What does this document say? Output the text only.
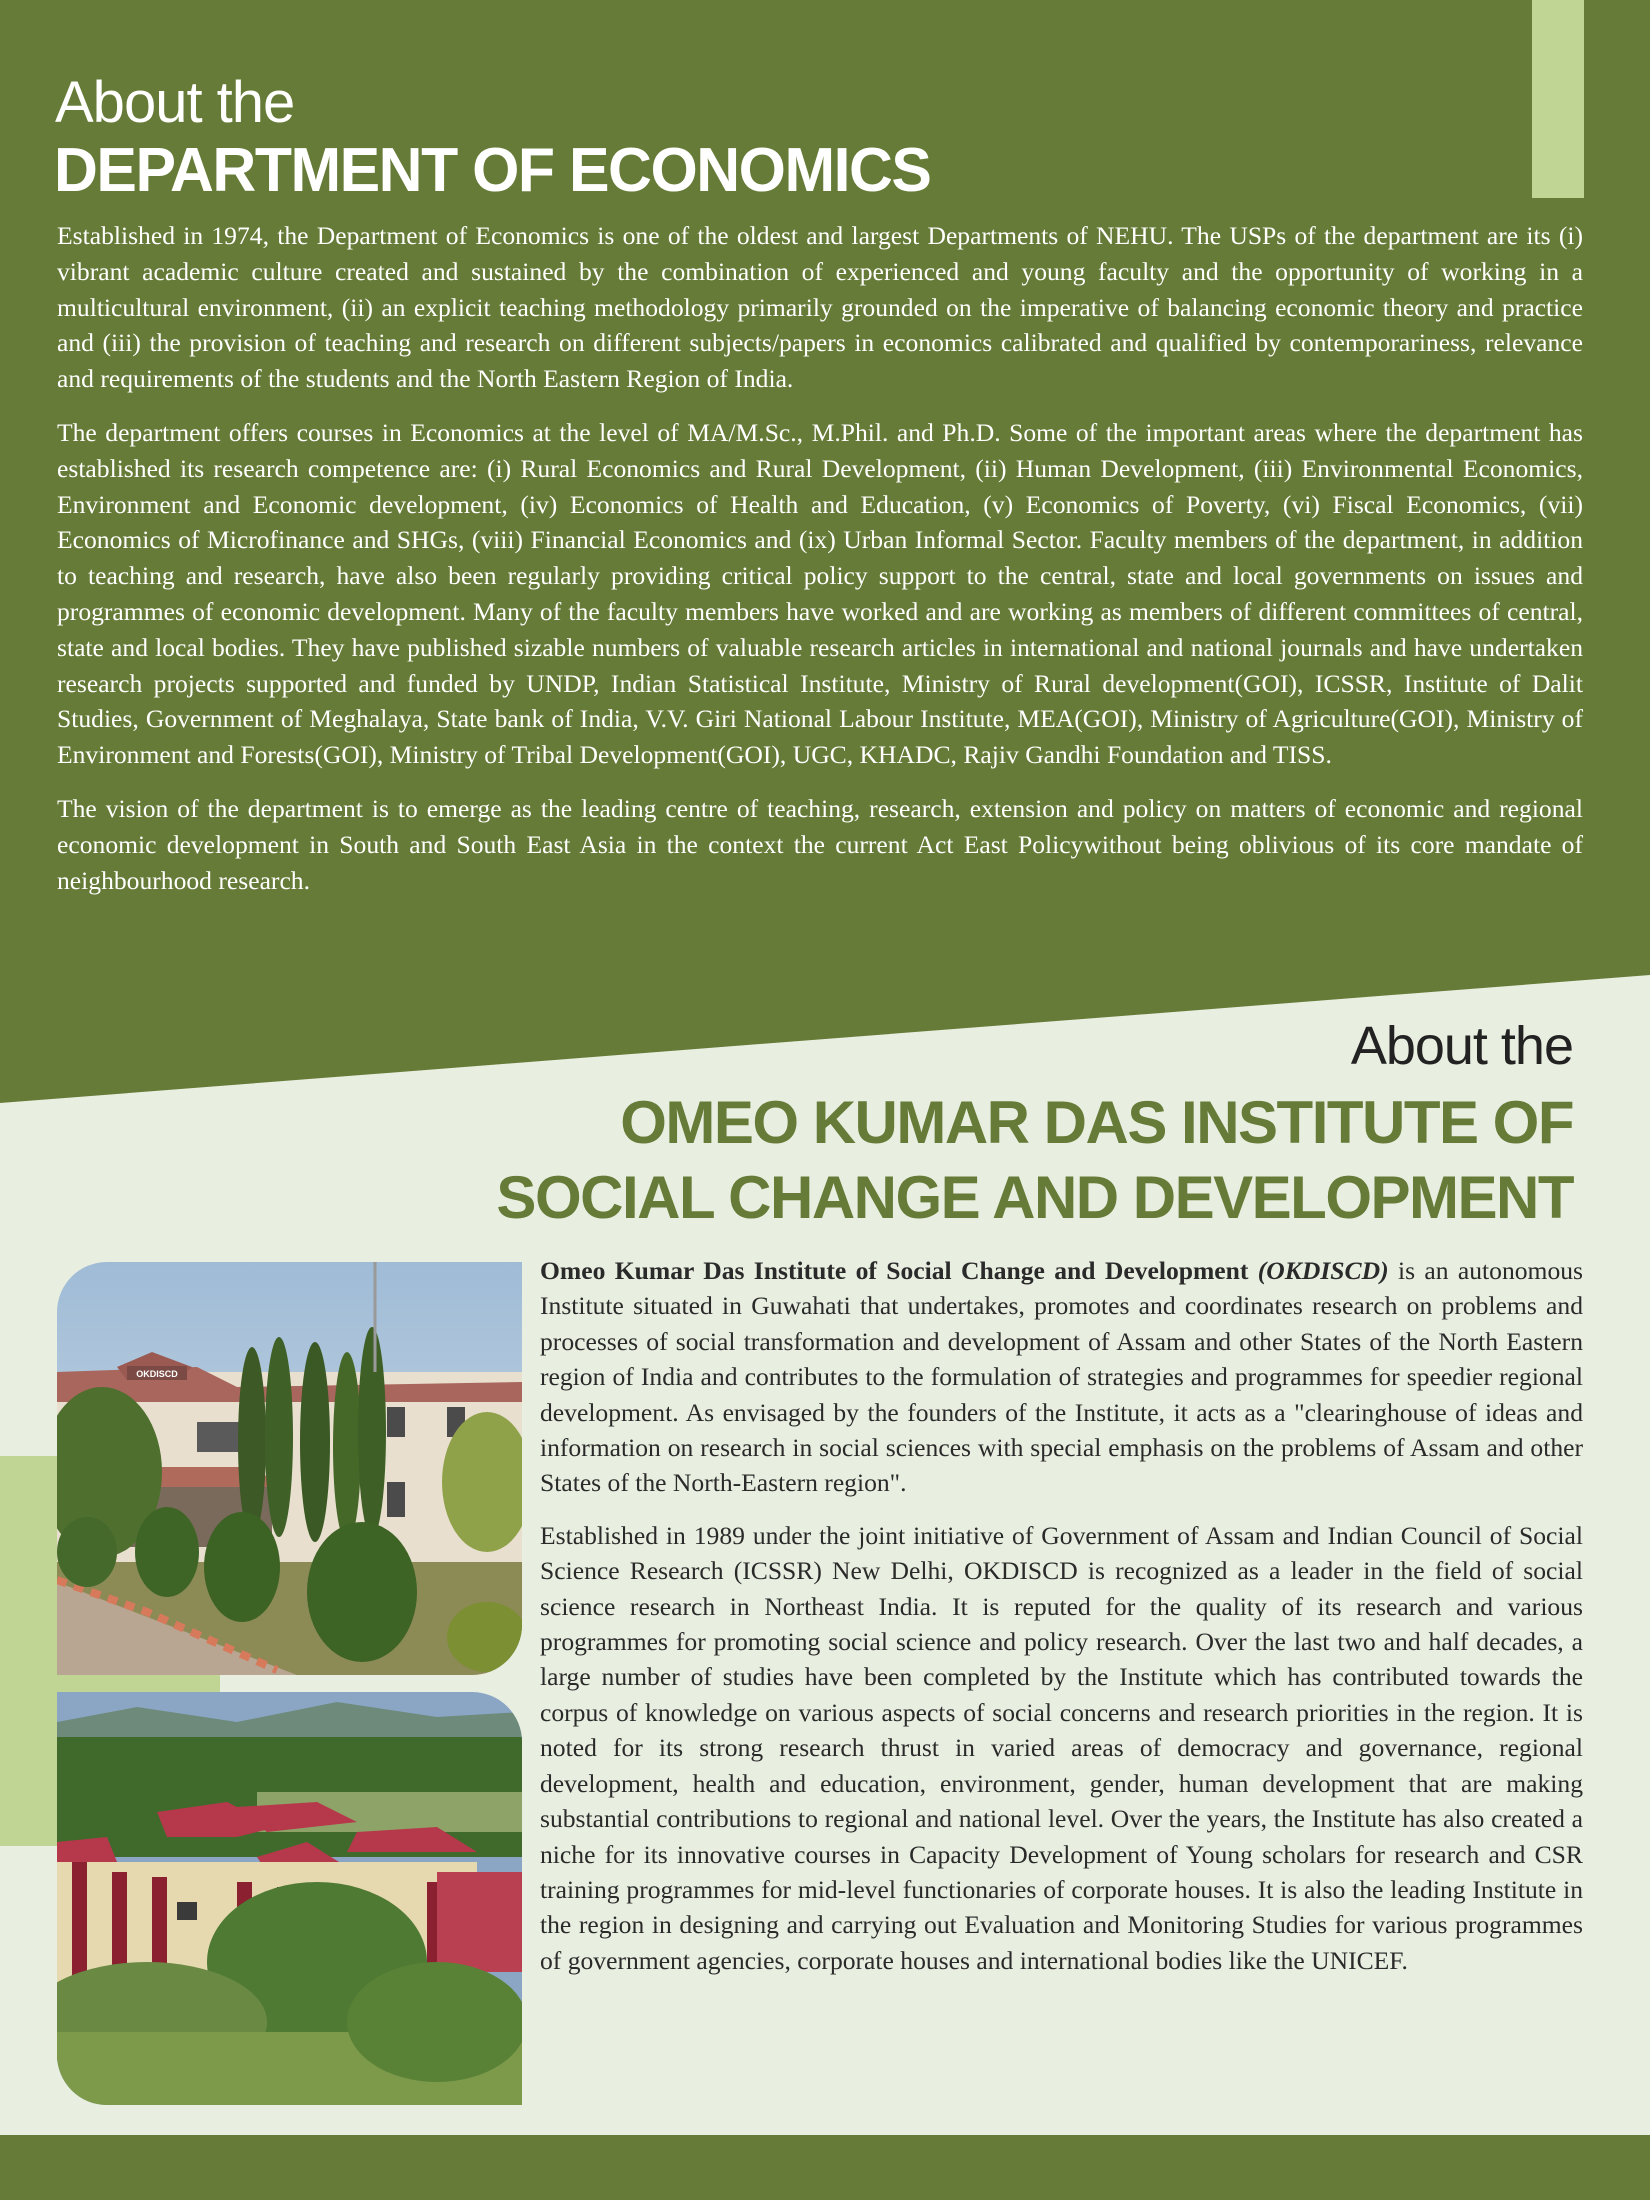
About the
DEPARTMENT OF ECONOMICS

Established in 1974, the Department of Economics is one of the oldest and largest Departments of NEHU. The USPs of the department are its (i) vibrant academic culture created and sustained by the combination of experienced and young faculty and the opportunity of working in a multicultural environment, (ii) an explicit teaching methodology primarily grounded on the imperative of balancing economic theory and practice and (iii) the provision of teaching and research on different subjects/papers in economics calibrated and qualified by contemporariness, relevance and requirements of the students and the North Eastern Region of India.

The department offers courses in Economics at the level of MA/M.Sc., M.Phil. and Ph.D. Some of the important areas where the department has established its research competence are: (i) Rural Economics and Rural Development, (ii) Human Development, (iii) Environmental Economics, Environment and Economic development, (iv) Economics of Health and Education, (v) Economics of Poverty, (vi) Fiscal Economics, (vii) Economics of Microfinance and SHGs, (viii) Financial Economics and (ix) Urban Informal Sector. Faculty members of the department, in addition to teaching and research, have also been regularly providing critical policy support to the central, state and local governments on issues and programmes of economic development. Many of the faculty members have worked and are working as members of different committees of central, state and local bodies. They have published sizable numbers of valuable research articles in international and national journals and have undertaken research projects supported and funded by UNDP, Indian Statistical Institute, Ministry of Rural development(GOI), ICSSR, Institute of Dalit Studies, Government of Meghalaya, State bank of India, V.V. Giri National Labour Institute, MEA(GOI), Ministry of Agriculture(GOI), Ministry of Environment and Forests(GOI), Ministry of Tribal Development(GOI), UGC, KHADC, Rajiv Gandhi Foundation and TISS.

The vision of the department is to emerge as the leading centre of teaching, research, extension and policy on matters of economic and regional economic development in South and South East Asia in the context the current Act East Policywithout being oblivious of its core mandate of neighbourhood research.

About the
OMEO KUMAR DAS INSTITUTE OF
SOCIAL CHANGE AND DEVELOPMENT
OKDISCD

Omeo Kumar Das Institute of Social Change and Development (OKDISCD) is an autonomous Institute situated in Guwahati that undertakes, promotes and coordinates research on problems and processes of social transformation and development of Assam and other States of the North Eastern region of India and contributes to the formulation of strategies and programmes for speedier regional development. As envisaged by the founders of the Institute, it acts as a "clearinghouse of ideas and information on research in social sciences with special emphasis on the problems of Assam and other States of the North-Eastern region".

Established in 1989 under the joint initiative of Government of Assam and Indian Council of Social Science Research (ICSSR) New Delhi, OKDISCD is recognized as a leader in the field of social science research in Northeast India. It is reputed for the quality of its research and various programmes for promoting social science and policy research. Over the last two and half decades, a large number of studies have been completed by the Institute which has contributed towards the corpus of knowledge on various aspects of social concerns and research priorities in the region. It is noted for its strong research thrust in varied areas of democracy and governance, regional development, health and education, environment, gender, human development that are making substantial contributions to regional and national level. Over the years, the Institute has also created a niche for its innovative courses in Capacity Development of Young scholars for research and CSR training programmes for mid-level functionaries of corporate houses. It is also the leading Institute in the region in designing and carrying out Evaluation and Monitoring Studies for various programmes of government agencies, corporate houses and international bodies like the UNICEF.
